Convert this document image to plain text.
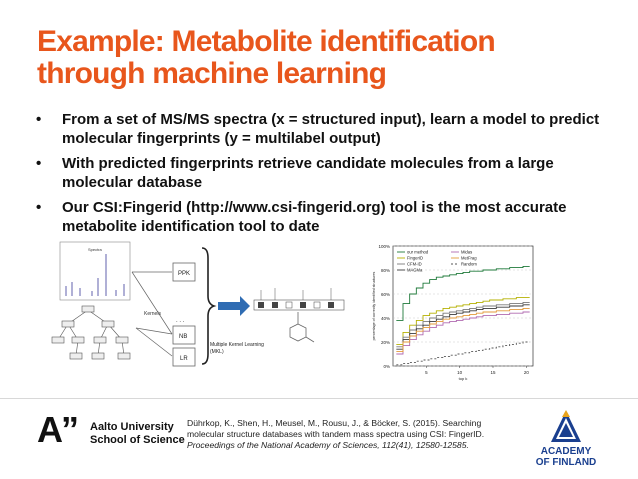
Example: Metabolite identification
through machine learning
• From a set of MS/MS spectra (x = structured input), learn a model to predict molecular fingerprints (y = multilabel output)
• With predicted fingerprints retrieve candidate molecules from a large molecular database
• Our CSI:Fingerid (http://www.csi-fingerid.org) tool is the most accurate metabolite identification tool to date
Spectra
Kernels
PPK
NB
LR
. . .
Multiple Kernel Learning
(MKL)
0%
20%
40%
60%
80%
100%
5	10	15	20
top k
percentage of correctly identified structures
our method
FingerID
CFM-ID
MAGMa
Midas
MetFrag
Random
A” Aalto University
School of Science
Dührkop, K., Shen, H., Meusel, M., Rousu, J., & Böcker, S. (2015). Searching
molecular structure databases with tandem mass spectra using CSI: FingerID.
Proceedings of the National Academy of Sciences, 112(41), 12580-12585.
ACADEMY
OF FINLAND
